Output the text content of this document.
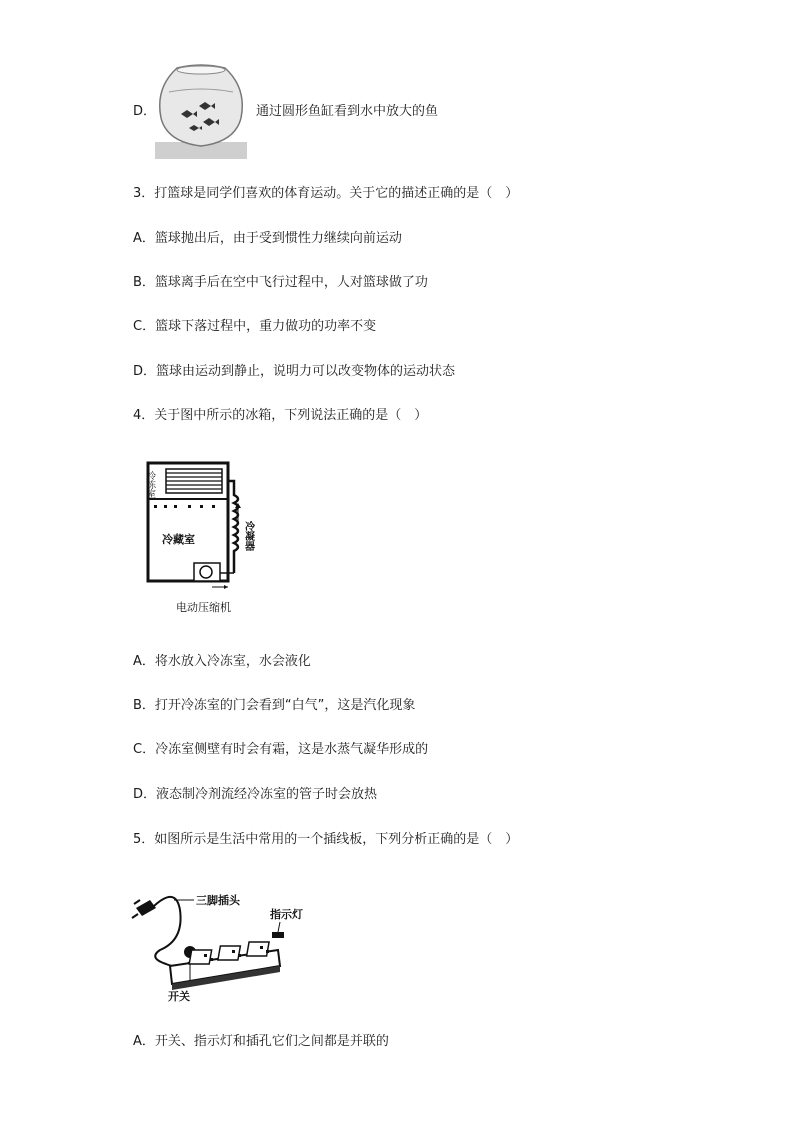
D．	通过圆形鱼缸看到水中放大的鱼
3．打篮球是同学们喜欢的体育运动。关于它的描述正确的是（　）
A．篮球抛出后，由于受到惯性力继续向前运动
B．篮球离手后在空中飞行过程中，人对篮球做了功
C．篮球下落过程中，重力做功的功率不变
D．篮球由运动到静止，说明力可以改变物体的运动状态
4．关于图中所示的冰箱，下列说法正确的是（　）
冷冻室
冷藏室	冷凝器
电动压缩机
A．将水放入冷冻室，水会液化
B．打开冷冻室的门会看到“白气”，这是汽化现象
C．冷冻室侧壁有时会有霜，这是水蒸气凝华形成的
D．液态制冷剂流经冷冻室的管子时会放热
5．如图所示是生活中常用的一个插线板，下列分析正确的是（　）
三脚插头
指示灯
开关
A．开关、指示灯和插孔它们之间都是并联的
